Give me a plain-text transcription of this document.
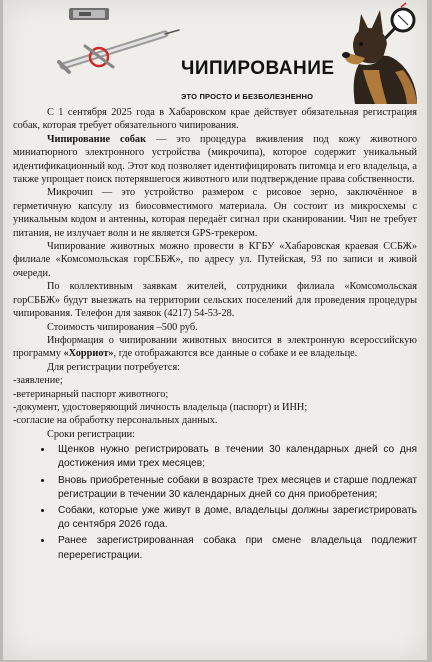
ЧИПИРОВАНИЕ
ЭТО ПРОСТО И БЕЗБОЛЕЗНЕННО

С 1 сентября 2025 года в Хабаровском крае действует обязательная регистрация собак, которая требует обязательного чипирования.

Чипирование собак — это процедура вживления под кожу животного миниатюрного электронного устройства (микрочипа), которое содержит уникальный идентификационный код. Этот код позволяет идентифицировать питомца и его владельца, а также упрощает поиск потерявшегося животного или подтверждение права собственности.

Микрочип — это устройство размером с рисовое зерно, заключённое в герметичную капсулу из биосовместимого материала. Он состоит из микросхемы с уникальным кодом и антенны, которая передаёт сигнал при сканировании. Чип не требует питания, не излучает волн и не является GPS-трекером.

Чипирование животных можно провести в КГБУ «Хабаровская краевая ССБЖ» филиале «Комсомольская горСББЖ», по адресу ул. Путейская, 93 по записи и живой очереди.

По коллективным заявкам жителей, сотрудники филиала «Комсомольская горСББЖ» будут выезжать на территории сельских поселений для проведения процедуры чипирования. Телефон для заявок (4217) 54-53-28.

Стоимость чипирования –500 руб.

Информация о чипировании животных вносится в электронную всероссийскую программу «Хорриот», где отображаются все данные о собаке и ее владельце.

Для регистрации потребуется:

-заявление;
-ветеринарный паспорт животного;
-документ, удостоверяющий личность владельца (паспорт) и ИНН;
-согласие на обработку персональных данных.

Сроки регистрации:

• Щенков нужно регистрировать в течении 30 календарных дней со дня достижения ими трех месяцев;
• Вновь приобретенные собаки в возрасте трех месяцев и старше подлежат регистрации в течении 30 календарных дней со дня приобретения;
• Собаки, которые уже живут в доме, владельцы должны зарегистрировать до сентября 2026 года.
• Ранее зарегистрированная собака при смене владельца подлежит перерегистрации.
